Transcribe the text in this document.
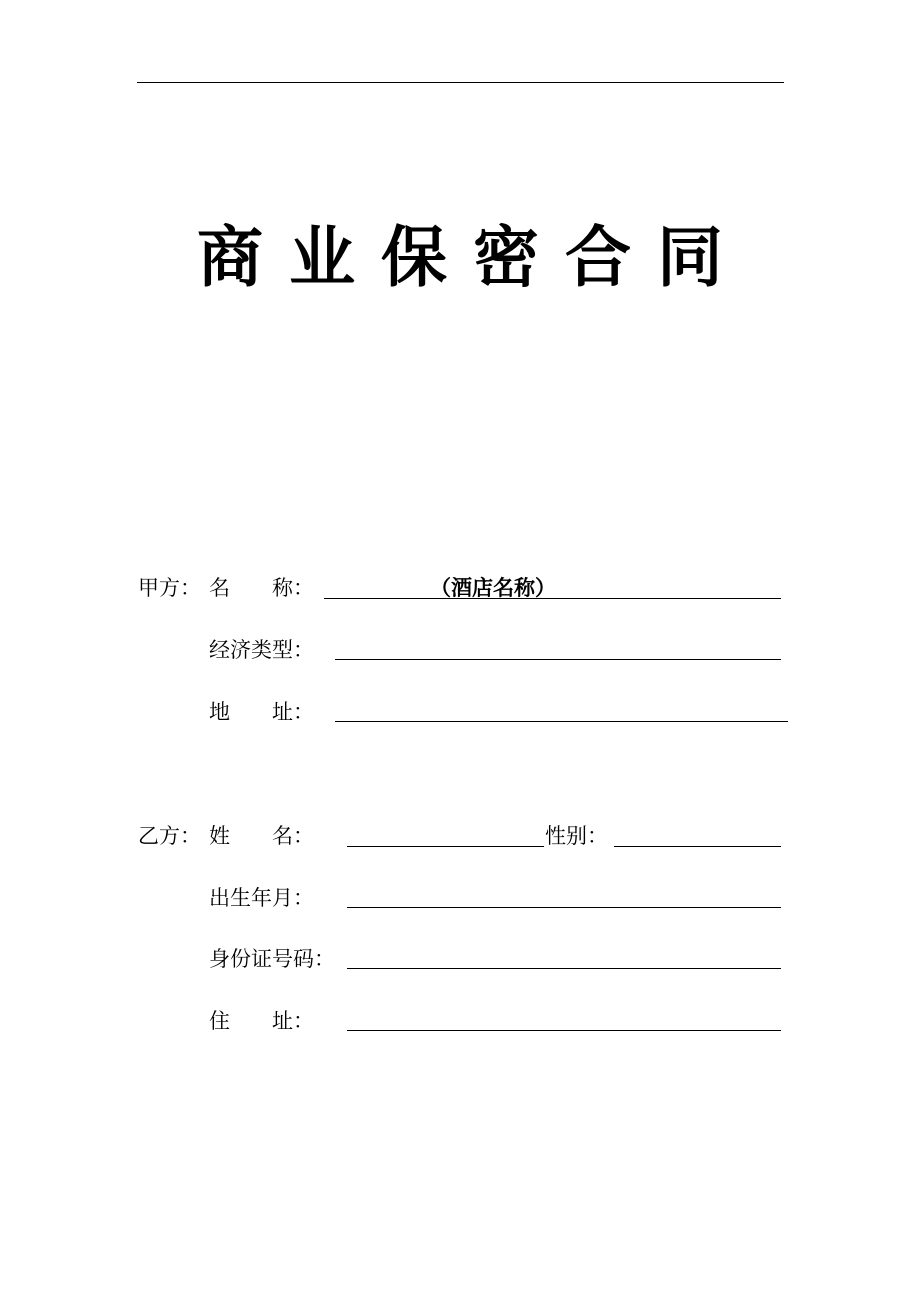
商业保密合同
甲方： 名　　称：	（酒店名称）
经济类型：
地　　址：
乙方： 姓　　名：	性别：
出生年月：
身份证号码：
住　　址：
